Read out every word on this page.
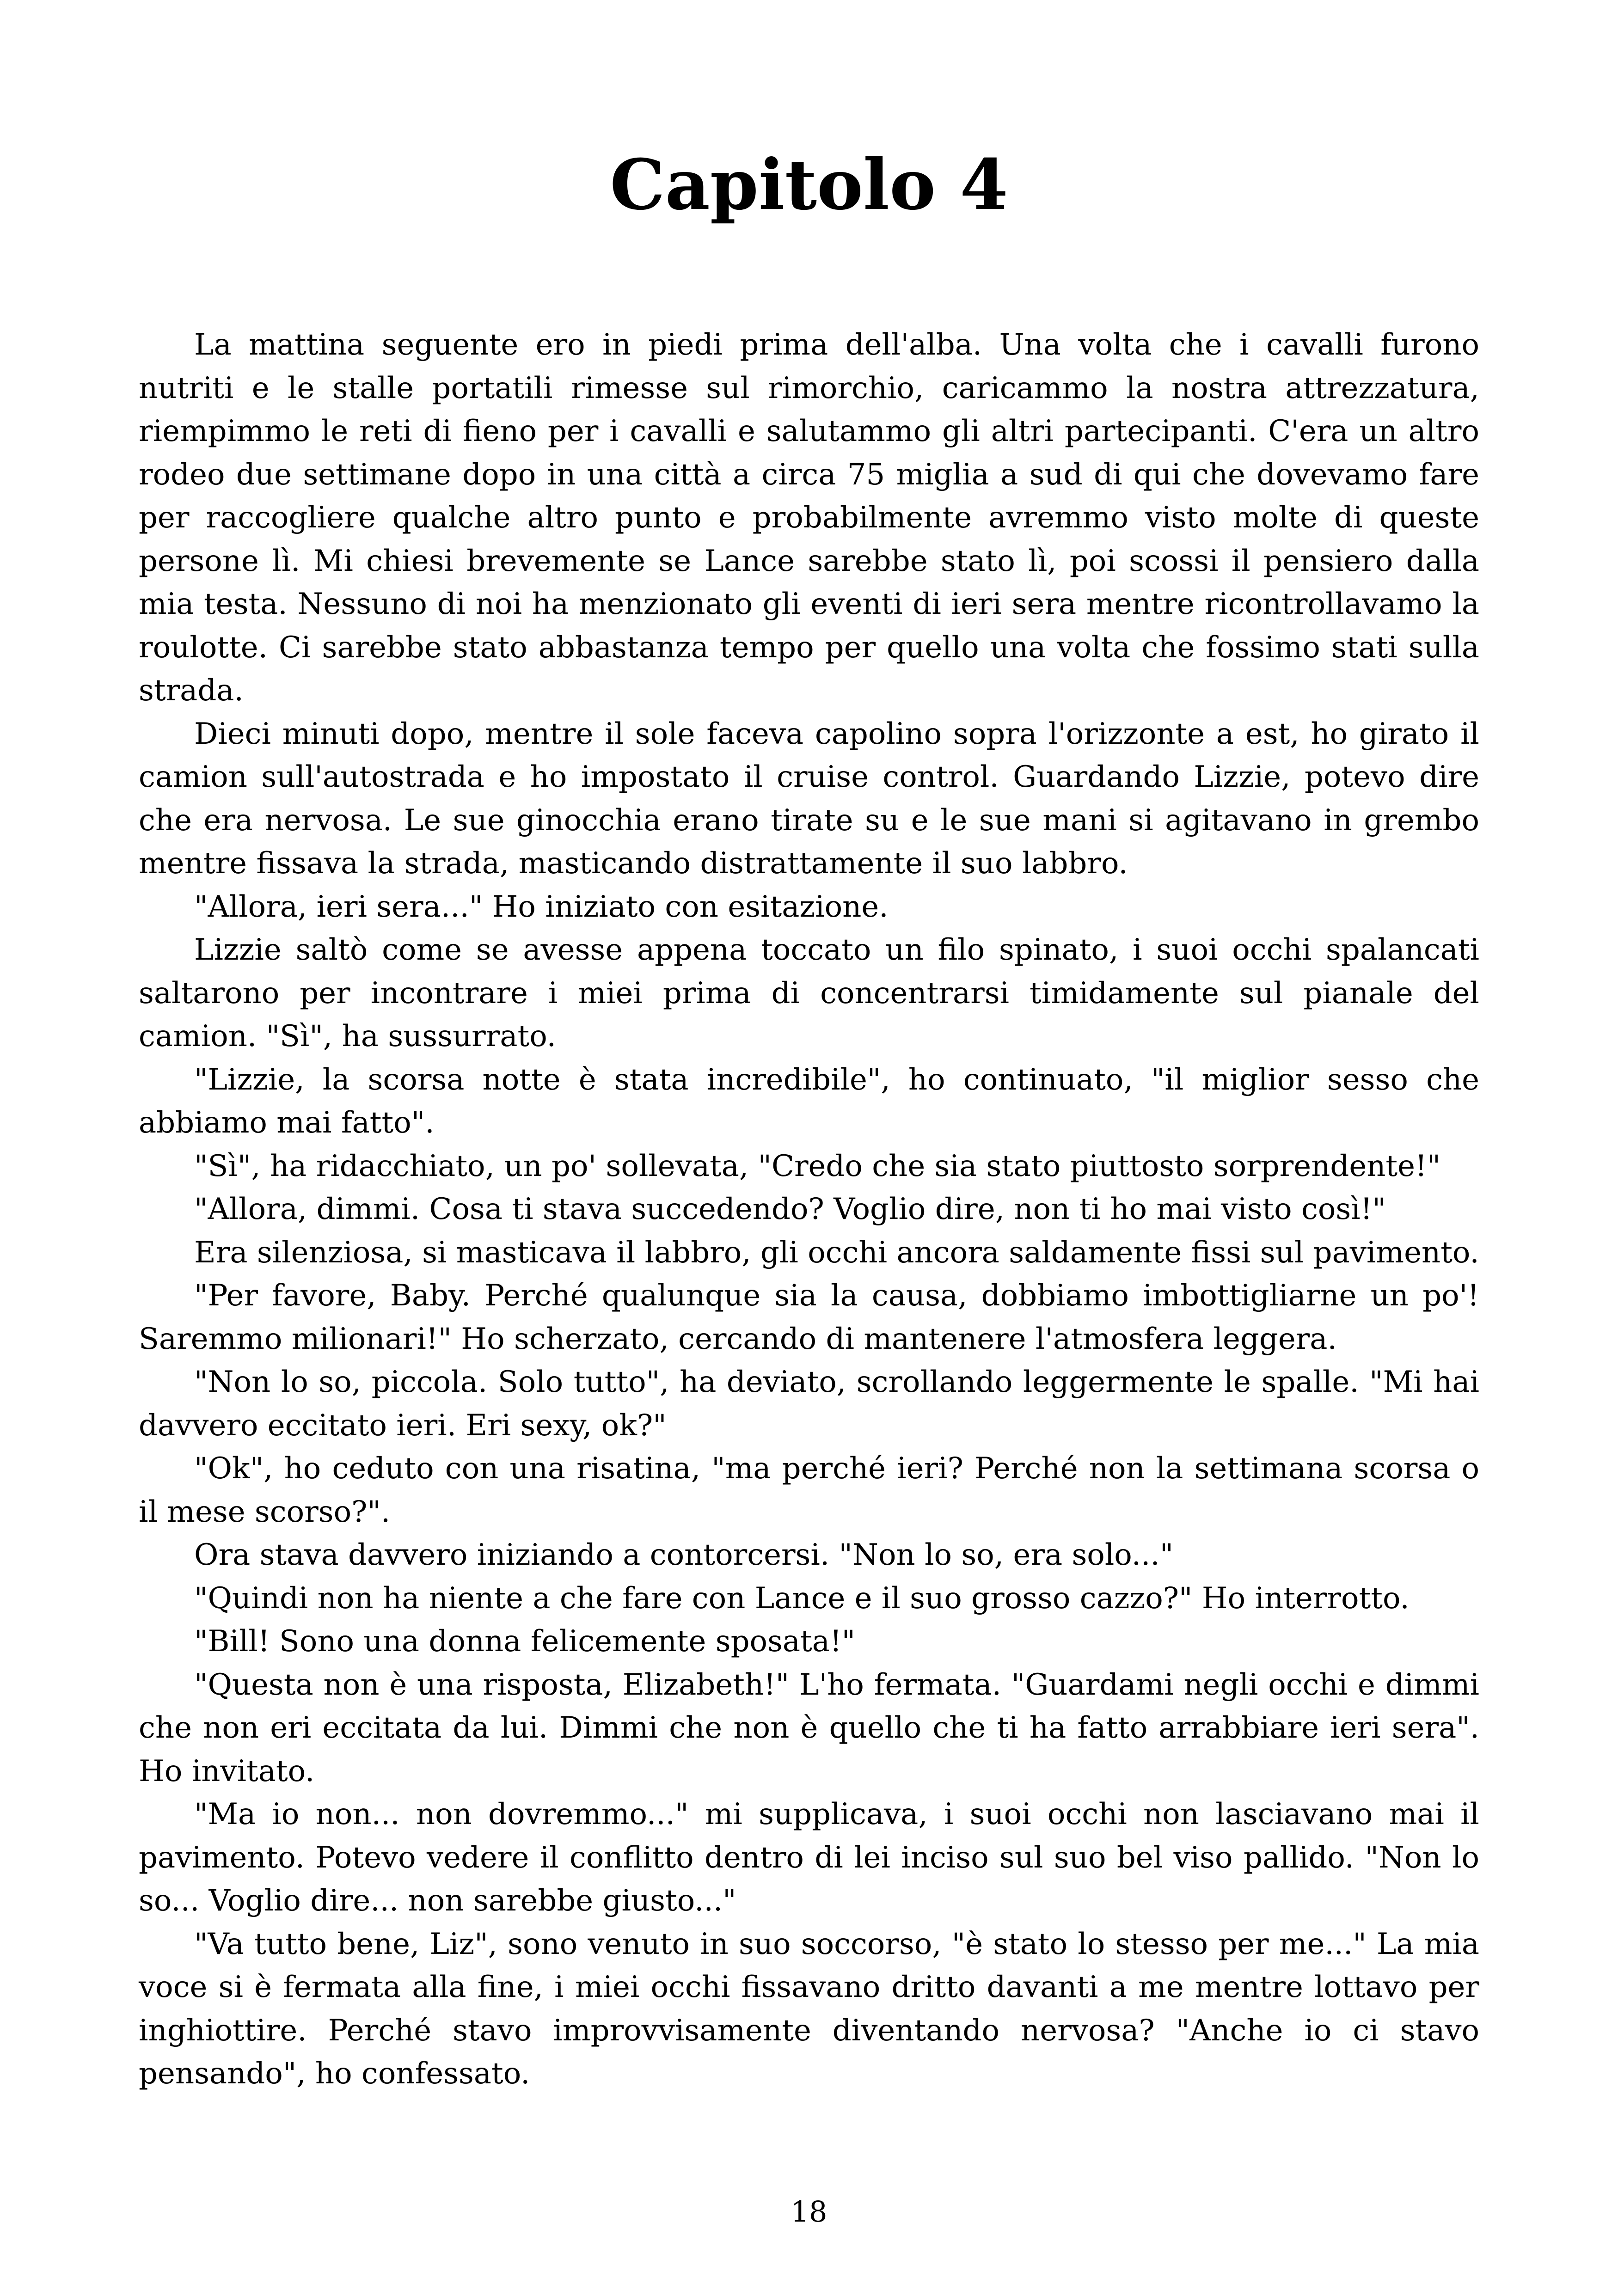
Capitolo 4

La mattina seguente ero in piedi prima dell'alba. Una volta che i cavalli furono nutriti e le stalle portatili rimesse sul rimorchio, caricammo la nostra attrezzatura, riempimmo le reti di fieno per i cavalli e salutammo gli altri partecipanti. C'era un altro rodeo due settimane dopo in una città a circa 75 miglia a sud di qui che dovevamo fare per raccogliere qualche altro punto e probabilmente avremmo visto molte di queste persone lì. Mi chiesi brevemente se Lance sarebbe stato lì, poi scossi il pensiero dalla mia testa. Nessuno di noi ha menzionato gli eventi di ieri sera mentre ricontrollavamo la roulotte. Ci sarebbe stato abbastanza tempo per quello una volta che fossimo stati sulla strada.

Dieci minuti dopo, mentre il sole faceva capolino sopra l'orizzonte a est, ho girato il camion sull'autostrada e ho impostato il cruise control. Guardando Lizzie, potevo dire che era nervosa. Le sue ginocchia erano tirate su e le sue mani si agitavano in grembo mentre fissava la strada, masticando distrattamente il suo labbro.

"Allora, ieri sera..." Ho iniziato con esitazione.

Lizzie saltò come se avesse appena toccato un filo spinato, i suoi occhi spalancati saltarono per incontrare i miei prima di concentrarsi timidamente sul pianale del camion. "Sì", ha sussurrato.

"Lizzie, la scorsa notte è stata incredibile", ho continuato, "il miglior sesso che abbiamo mai fatto".

"Sì", ha ridacchiato, un po' sollevata, "Credo che sia stato piuttosto sorprendente!"

"Allora, dimmi. Cosa ti stava succedendo? Voglio dire, non ti ho mai visto così!"

Era silenziosa, si masticava il labbro, gli occhi ancora saldamente fissi sul pavimento.

"Per favore, Baby. Perché qualunque sia la causa, dobbiamo imbottigliarne un po'! Saremmo milionari!" Ho scherzato, cercando di mantenere l'atmosfera leggera.

"Non lo so, piccola. Solo tutto", ha deviato, scrollando leggermente le spalle. "Mi hai davvero eccitato ieri. Eri sexy, ok?"

"Ok", ho ceduto con una risatina, "ma perché ieri? Perché non la settimana scorsa o il mese scorso?".

Ora stava davvero iniziando a contorcersi. "Non lo so, era solo..."

"Quindi non ha niente a che fare con Lance e il suo grosso cazzo?" Ho interrotto.

"Bill! Sono una donna felicemente sposata!"

"Questa non è una risposta, Elizabeth!" L'ho fermata. "Guardami negli occhi e dimmi che non eri eccitata da lui. Dimmi che non è quello che ti ha fatto arrabbiare ieri sera". Ho invitato.

"Ma io non... non dovremmo..." mi supplicava, i suoi occhi non lasciavano mai il pavimento. Potevo vedere il conflitto dentro di lei inciso sul suo bel viso pallido. "Non lo so... Voglio dire... non sarebbe giusto..."

"Va tutto bene, Liz", sono venuto in suo soccorso, "è stato lo stesso per me..." La mia voce si è fermata alla fine, i miei occhi fissavano dritto davanti a me mentre lottavo per inghiottire. Perché stavo improvvisamente diventando nervosa? "Anche io ci stavo pensando", ho confessato.

18
